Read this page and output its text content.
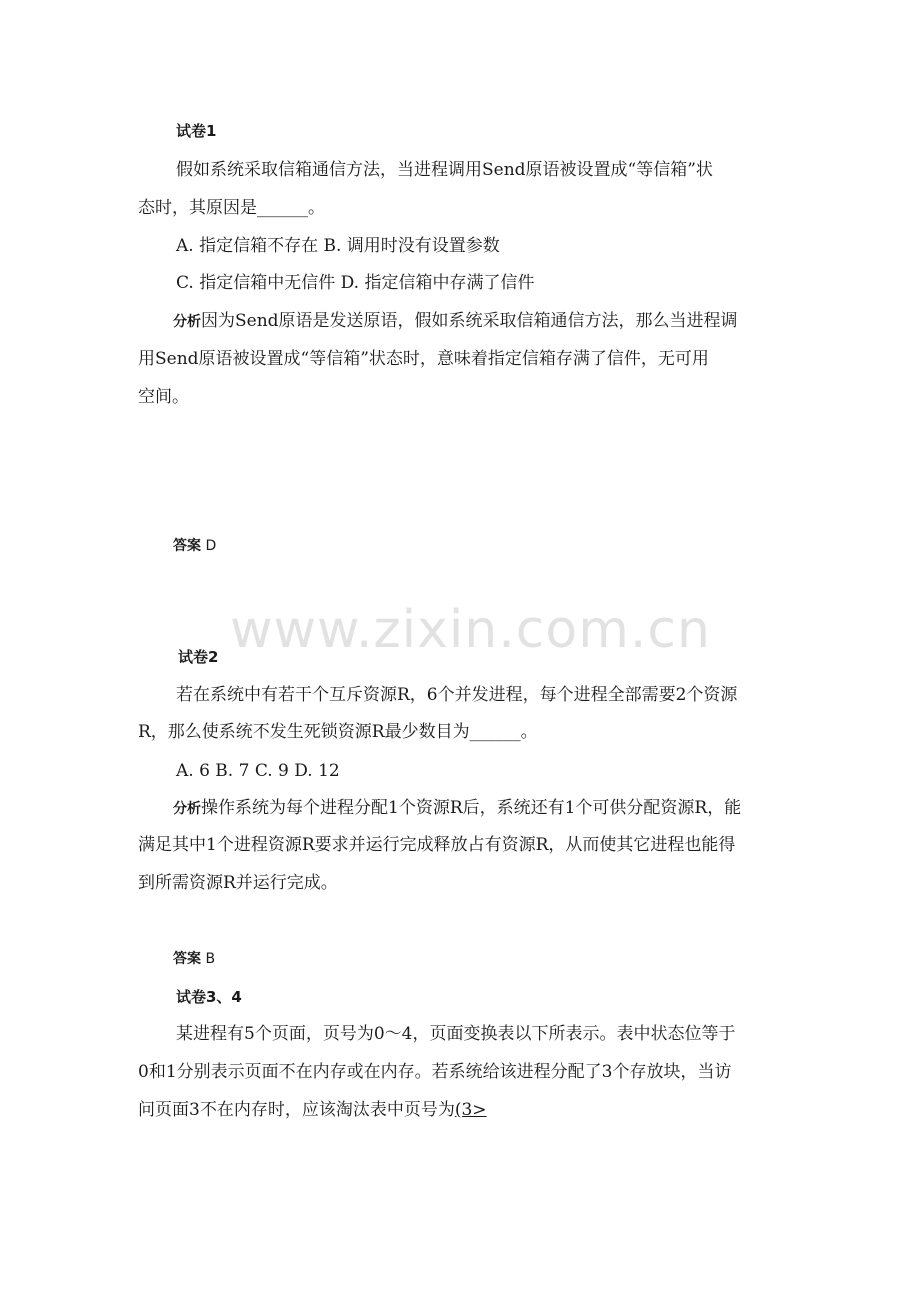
www.zixin.com.cn
试卷1
假如系统采取信箱通信方法，当进程调用Send原语被设置成“等信箱”状
态时，其原因是______。
A. 指定信箱不存在 B. 调用时没有设置参数
C. 指定信箱中无信件 D. 指定信箱中存满了信件
分析因为Send原语是发送原语，假如系统采取信箱通信方法，那么当进程调
用Send原语被设置成“等信箱”状态时，意味着指定信箱存满了信件，无可用
空间。
答案 D
试卷2
若在系统中有若干个互斥资源R，6个并发进程，每个进程全部需要2个资源
R，那么使系统不发生死锁资源R最少数目为______。
A. 6 B. 7 C. 9 D. 12
分析操作系统为每个进程分配1个资源R后，系统还有1个可供分配资源R，能
满足其中1个进程资源R要求并运行完成释放占有资源R，从而使其它进程也能得
到所需资源R并运行完成。
答案 B
试卷3、4
某进程有5个页面，页号为0～4，页面变换表以下所表示。表中状态位等于
0和1分别表示页面不在内存或在内存。若系统给该进程分配了3个存放块，当访
问页面3不在内存时，应该淘汰表中页号为(3>
